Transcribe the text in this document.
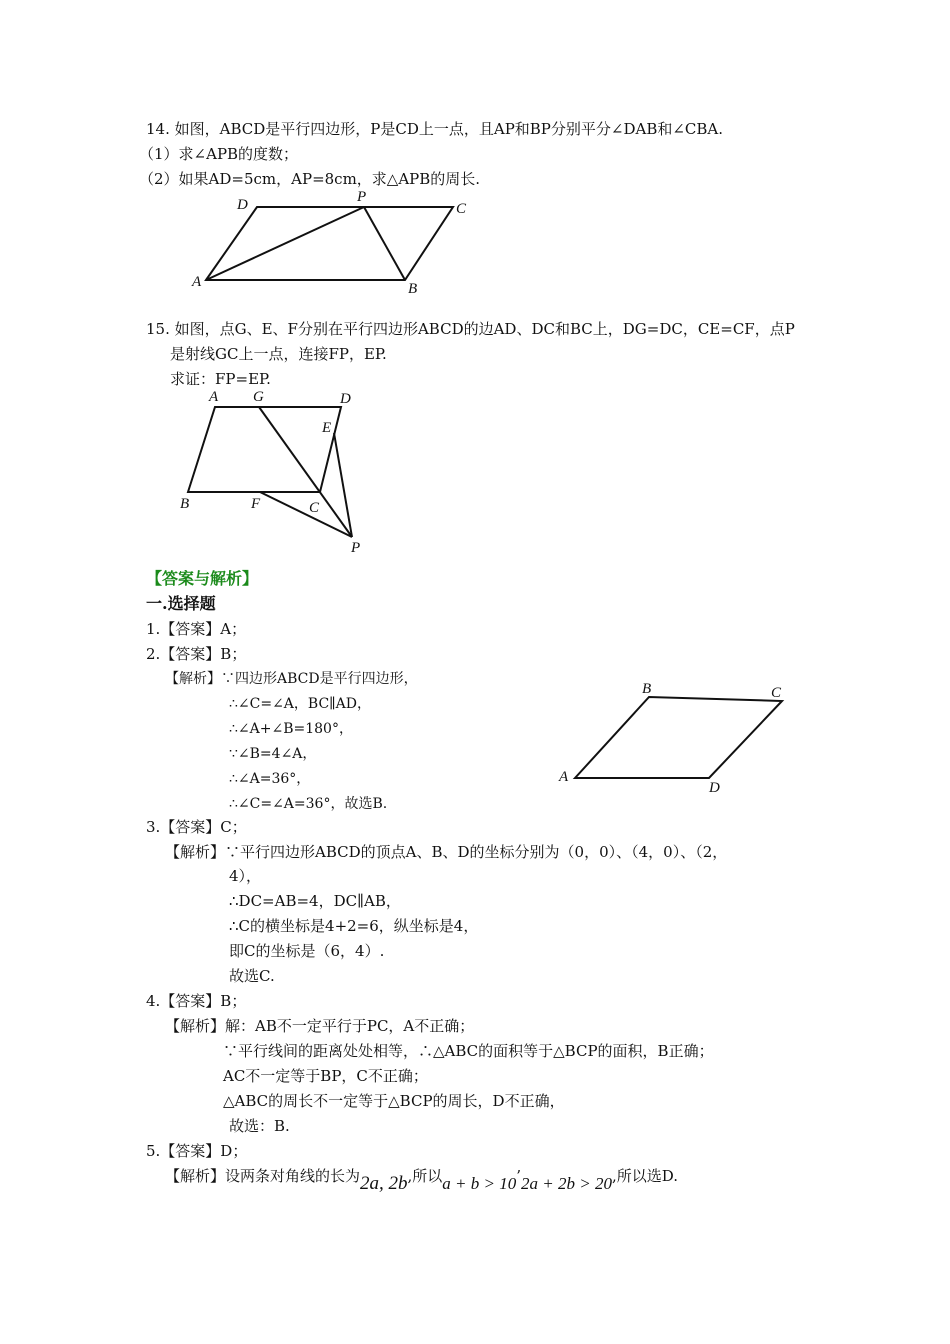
14. 如图，ABCD是平行四边形，P是CD上一点，且AP和BP分别平分∠DAB和∠CBA.
（1）求∠APB的度数；
（2）如果AD=5cm，AP=8cm，求△APB的周长.
D	P
C
A	B
15. 如图，点G、E、F分别在平行四边形ABCD的边AD、DC和BC上，DG=DC，CE=CF，点P
是射线GC上一点，连接FP，EP.
求证：FP=EP.
A G	D
E
B	F	C
P
【答案与解析】
一.选择题
1.【答案】A；
2.【答案】B；
【解析】∵四边形ABCD是平行四边形，
∴∠C=∠A，BC∥AD，
∴∠A+∠B=180°，
∵∠B=4∠A，
∴∠A=36°，
∴∠C=∠A=36°，故选B.
B	C
A
D
3.【答案】C；
【解析】∵平行四边形ABCD的顶点A、B、D的坐标分别为（0，0）、（4，0）、（2，
4），
∴DC=AB=4，DC∥AB，
∴C的横坐标是4+2=6，纵坐标是4，
即C的坐标是（6，4）.
故选C.
4.【答案】B；
【解析】解：AB不一定平行于PC，A不正确；
∵平行线间的距离处处相等，∴△ABC的面积等于△BCP的面积，B正确；
AC不一定等于BP，C不正确；
△ABC的周长不一定等于△BCP的周长，D不正确，
故选：B.
5.【答案】D；
【解析】设两条对角线的长为2a, 2b,所以a + b > 10’2a + 2b > 20,所以选D.
